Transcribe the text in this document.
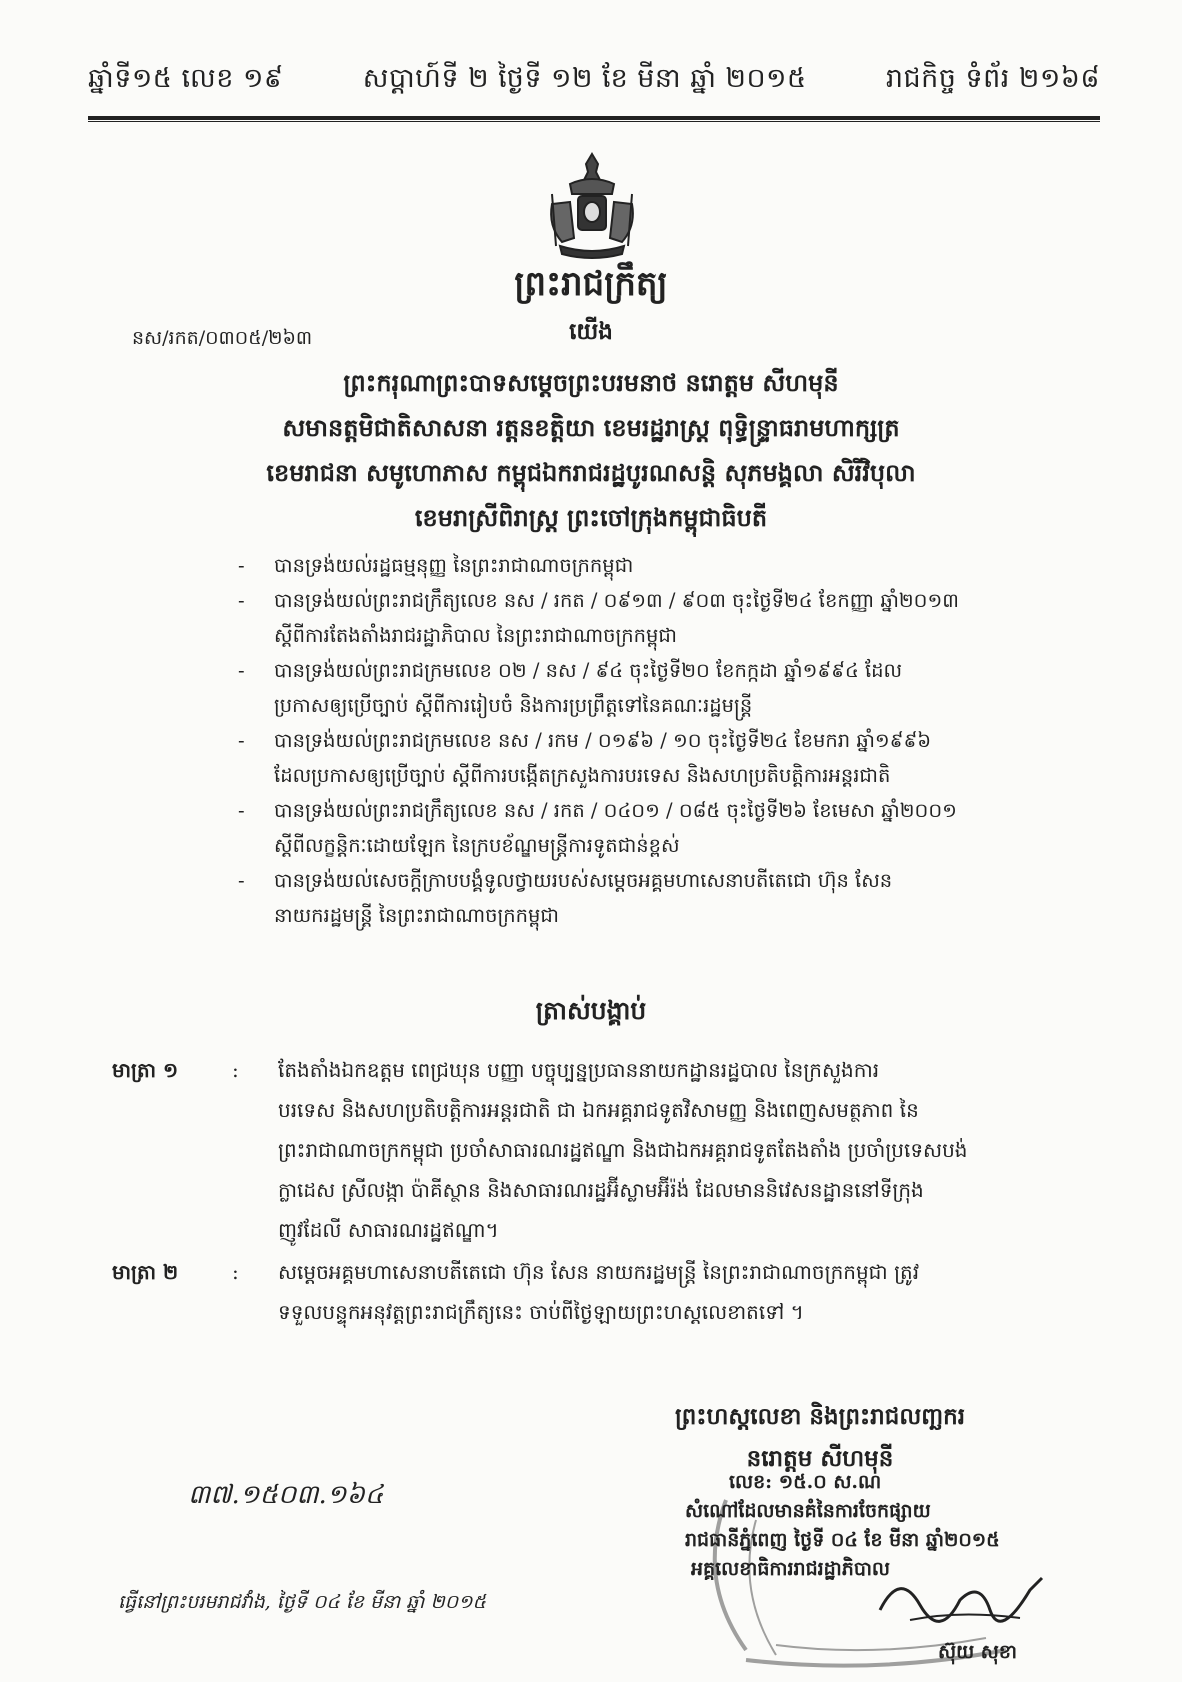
ឆ្នាំទី១៥ លេខ ១៩	សប្តាហ៍ទី ២ ថ្ងៃទី ១២ ខែ មីនា ឆ្នាំ ២០១៥	រាជកិច្ច ទំព័រ ២១៦៨
ព្រះរាជក្រឹត្យ
នស/រកត/០៣០៥/២៦៣	យើង
ព្រះករុណាព្រះបាទសម្តេចព្រះបរមនាថ នរោត្តម សីហមុនី
សមានត្តមិជាតិសាសនា រត្តនខត្តិយា ខេមរដ្ឋរាស្ត្រ ពុទ្ធិន្ទ្រាធរាមហាក្សត្រ
ខេមរាជនា សមូហោភាស កម្ពុជឯករាជរដ្ឋបូរណសន្តិ សុភមង្គលា សិរីវិបុលា
ខេមរាស្រីពិរាស្ត្រ ព្រះចៅក្រុងកម្ពុជាធិបតី
- បានទ្រង់យល់រដ្ឋធម្មនុញ្ញ នៃព្រះរាជាណាចក្រកម្ពុជា
- បានទ្រង់យល់ព្រះរាជក្រឹត្យលេខ នស / រកត / ០៩១៣ / ៩០៣ ចុះថ្ងៃទី២៤ ខែកញ្ញា ឆ្នាំ២០១៣
ស្តីពីការតែងតាំងរាជរដ្ឋាភិបាល នៃព្រះរាជាណាចក្រកម្ពុជា
- បានទ្រង់យល់ព្រះរាជក្រមលេខ ០២ / នស / ៩៤ ចុះថ្ងៃទី២០ ខែកក្កដា ឆ្នាំ១៩៩៤ ដែល
ប្រកាសឲ្យប្រើច្បាប់ ស្តីពីការរៀបចំ និងការប្រព្រឹត្តទៅនៃគណៈរដ្ឋមន្ត្រី
- បានទ្រង់យល់ព្រះរាជក្រមលេខ នស / រកម / ០១៩៦ / ១០ ចុះថ្ងៃទី២៤ ខែមករា ឆ្នាំ១៩៩៦
ដែលប្រកាសឲ្យប្រើច្បាប់ ស្តីពីការបង្កើតក្រសួងការបរទេស និងសហប្រតិបត្តិការអន្តរជាតិ
- បានទ្រង់យល់ព្រះរាជក្រឹត្យលេខ នស / រកត / ០៤០១ / ០៨៥ ចុះថ្ងៃទី២៦ ខែមេសា ឆ្នាំ២០០១
ស្តីពីលក្ខន្តិកៈដោយឡែក នៃក្របខ័ណ្ឌមន្ត្រីការទូតជាន់ខ្ពស់
- បានទ្រង់យល់សេចក្តីក្រាបបង្គំទូលថ្វាយរបស់សម្តេចអគ្គមហាសេនាបតីតេជោ ហ៊ុន សែន
នាយករដ្ឋមន្ត្រី នៃព្រះរាជាណាចក្រកម្ពុជា
ត្រាស់បង្គាប់
មាត្រា ១	: តែងតាំងឯកឧត្តម ពេជ្រឃុន បញ្ញា បច្ចុប្បន្នប្រធាននាយកដ្ឋានរដ្ឋបាល នៃក្រសួងការ
បរទេស និងសហប្រតិបត្តិការអន្តរជាតិ ជា ឯកអគ្គរាជទូតវិសាមញ្ញ និងពេញសមត្ថភាព នៃ
ព្រះរាជាណាចក្រកម្ពុជា ប្រចាំសាធារណរដ្ឋឥណ្ឌា និងជាឯកអគ្គរាជទូតតែងតាំង ប្រចាំប្រទេសបង់
ក្លាដេស ស្រីលង្កា ប៉ាគីស្ថាន និងសាធារណរដ្ឋអ៊ីស្លាមអ៊ីរ៉ង់ ដែលមាននិវេសនដ្ឋាននៅទីក្រុង
ញូវដែលី សាធារណរដ្ឋឥណ្ឌា។
មាត្រា ២	: សម្តេចអគ្គមហាសេនាបតីតេជោ ហ៊ុន សែន នាយករដ្ឋមន្ត្រី នៃព្រះរាជាណាចក្រកម្ពុជា ត្រូវ
ទទួលបន្ទុកអនុវត្តព្រះរាជក្រឹត្យនេះ ចាប់ពីថ្ងៃឡាយព្រះហស្តលេខាតទៅ ។
ព្រះហស្តលេខា និងព្រះរាជលញ្ឆករ
នរោត្តម សីហមុនី
៣៧.១៥០៣.១៦៤
ធ្វើនៅព្រះបរមរាជវាំង, ថ្ងៃទី ០៤ ខែ មីនា ឆ្នាំ ២០១៥
លេខ: ១៥.០ ស.ណ
សំណៅដែលមានគំនៃការចែកផ្សាយ
រាជធានីភ្នំពេញ ថ្ងៃទី ០៤ ខែ មីនា ឆ្នាំ២០១៥
អគ្គលេខាធិការរាជរដ្ឋាភិបាល
ស៊ុយ សុខា
